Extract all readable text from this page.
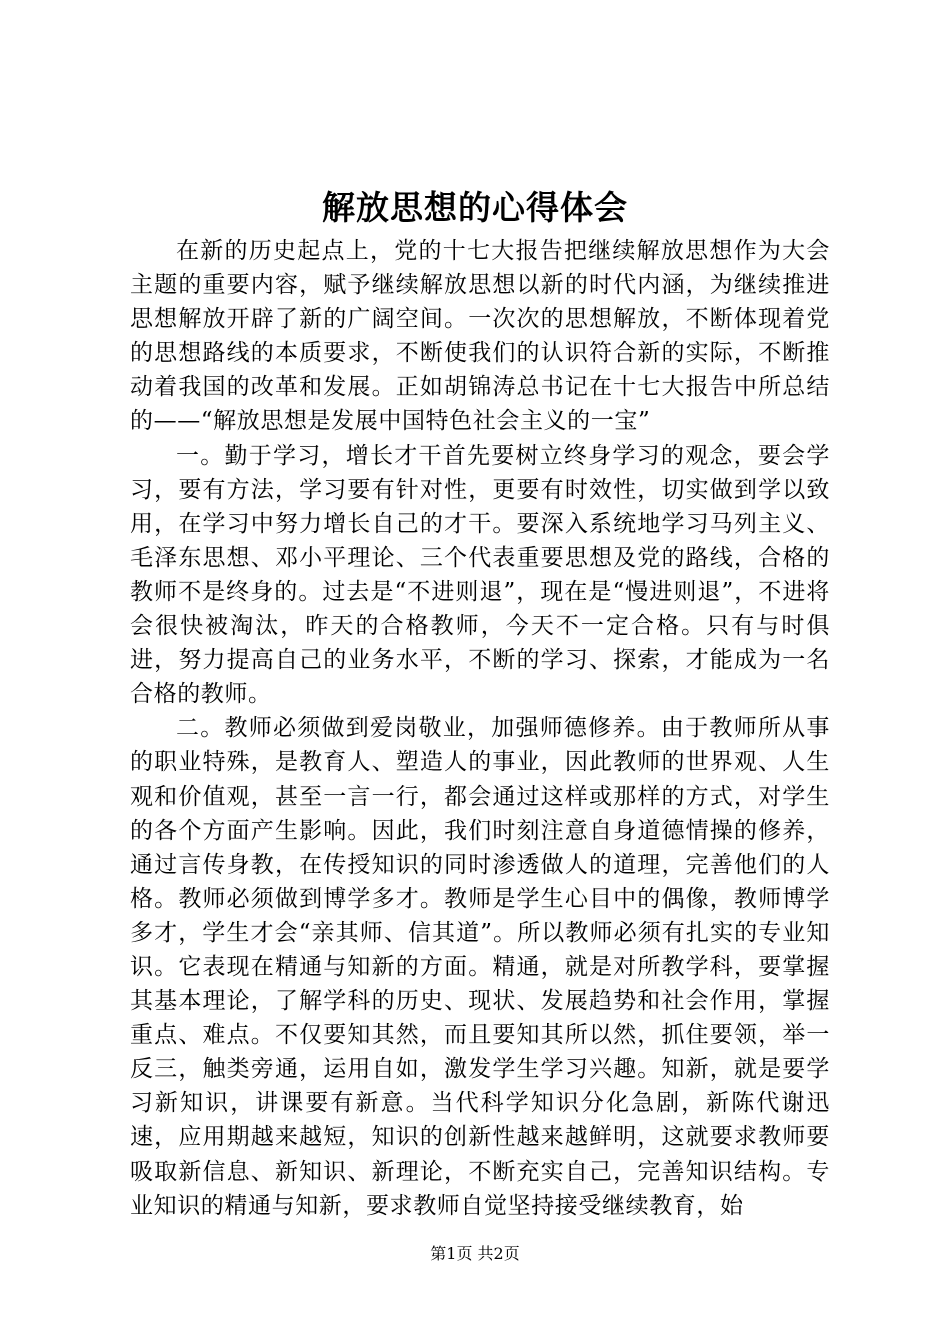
解放思想的心得体会

在新的历史起点上，党的十七大报告把继续解放思想作为大会主题的重要内容，赋予继续解放思想以新的时代内涵，为继续推进思想解放开辟了新的广阔空间。一次次的思想解放，不断体现着党的思想路线的本质要求，不断使我们的认识符合新的实际，不断推动着我国的改革和发展。正如胡锦涛总书记在十七大报告中所总结的——“解放思想是发展中国特色社会主义的一宝”

一。勤于学习，增长才干首先要树立终身学习的观念，要会学习，要有方法，学习要有针对性，更要有时效性，切实做到学以致用，在学习中努力增长自己的才干。要深入系统地学习马列主义、毛泽东思想、邓小平理论、三个代表重要思想及党的路线，合格的教师不是终身的。过去是“不进则退”，现在是“慢进则退”，不进将会很快被淘汰，昨天的合格教师，今天不一定合格。只有与时俱进，努力提高自己的业务水平，不断的学习、探索，才能成为一名合格的教师。

二。教师必须做到爱岗敬业，加强师德修养。由于教师所从事的职业特殊，是教育人、塑造人的事业，因此教师的世界观、人生观和价值观，甚至一言一行，都会通过这样或那样的方式，对学生的各个方面产生影响。因此，我们时刻注意自身道德情操的修养，通过言传身教，在传授知识的同时渗透做人的道理，完善他们的人格。教师必须做到博学多才。教师是学生心目中的偶像，教师博学多才，学生才会“亲其师、信其道”。所以教师必须有扎实的专业知识。它表现在精通与知新的方面。精通，就是对所教学科，要掌握其基本理论，了解学科的历史、现状、发展趋势和社会作用，掌握重点、难点。不仅要知其然，而且要知其所以然，抓住要领，举一反三，触类旁通，运用自如，激发学生学习兴趣。知新，就是要学习新知识，讲课要有新意。当代科学知识分化急剧，新陈代谢迅速，应用期越来越短，知识的创新性越来越鲜明，这就要求教师要吸取新信息、新知识、新理论，不断充实自己，完善知识结构。专业知识的精通与知新，要求教师自觉坚持接受继续教育，始

第1页 共2页
